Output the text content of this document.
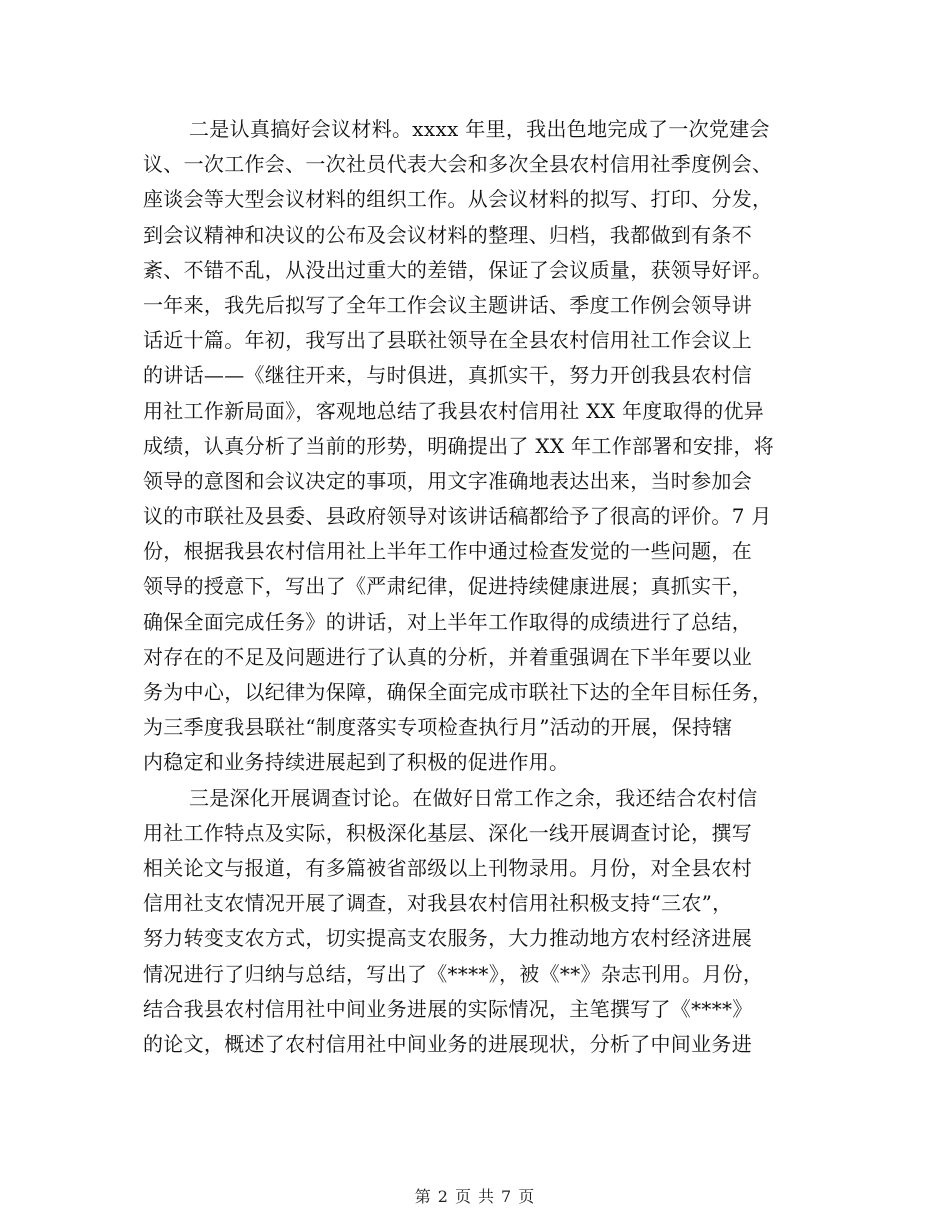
二是认真搞好会议材料。xxxx 年里，我出色地完成了一次党建会
议、一次工作会、一次社员代表大会和多次全县农村信用社季度例会、
座谈会等大型会议材料的组织工作。从会议材料的拟写、打印、分发，
到会议精神和决议的公布及会议材料的整理、归档，我都做到有条不
紊、不错不乱，从没出过重大的差错，保证了会议质量，获领导好评。
一年来，我先后拟写了全年工作会议主题讲话、季度工作例会领导讲
话近十篇。年初，我写出了县联社领导在全县农村信用社工作会议上
的讲话——《继往开来，与时俱进，真抓实干，努力开创我县农村信
用社工作新局面》，客观地总结了我县农村信用社 XX 年度取得的优异
成绩，认真分析了当前的形势，明确提出了 XX 年工作部署和安排，将
领导的意图和会议决定的事项，用文字准确地表达出来，当时参加会
议的市联社及县委、县政府领导对该讲话稿都给予了很高的评价。7 月
份，根据我县农村信用社上半年工作中通过检查发觉的一些问题，在
领导的授意下，写出了《严肃纪律，促进持续健康进展；真抓实干，
确保全面完成任务》的讲话，对上半年工作取得的成绩进行了总结，
对存在的不足及问题进行了认真的分析，并着重强调在下半年要以业
务为中心，以纪律为保障，确保全面完成市联社下达的全年目标任务，
为三季度我县联社“制度落实专项检查执行月”活动的开展，保持辖
内稳定和业务持续进展起到了积极的促进作用。
三是深化开展调查讨论。在做好日常工作之余，我还结合农村信
用社工作特点及实际，积极深化基层、深化一线开展调查讨论，撰写
相关论文与报道，有多篇被省部级以上刊物录用。月份，对全县农村
信用社支农情况开展了调查，对我县农村信用社积极支持“三农”，
努力转变支农方式，切实提高支农服务，大力推动地方农村经济进展
情况进行了归纳与总结，写出了《****》，被《**》杂志刊用。月份，
结合我县农村信用社中间业务进展的实际情况，主笔撰写了《****》
的论文，概述了农村信用社中间业务的进展现状，分析了中间业务进
第 2 页 共 7 页
